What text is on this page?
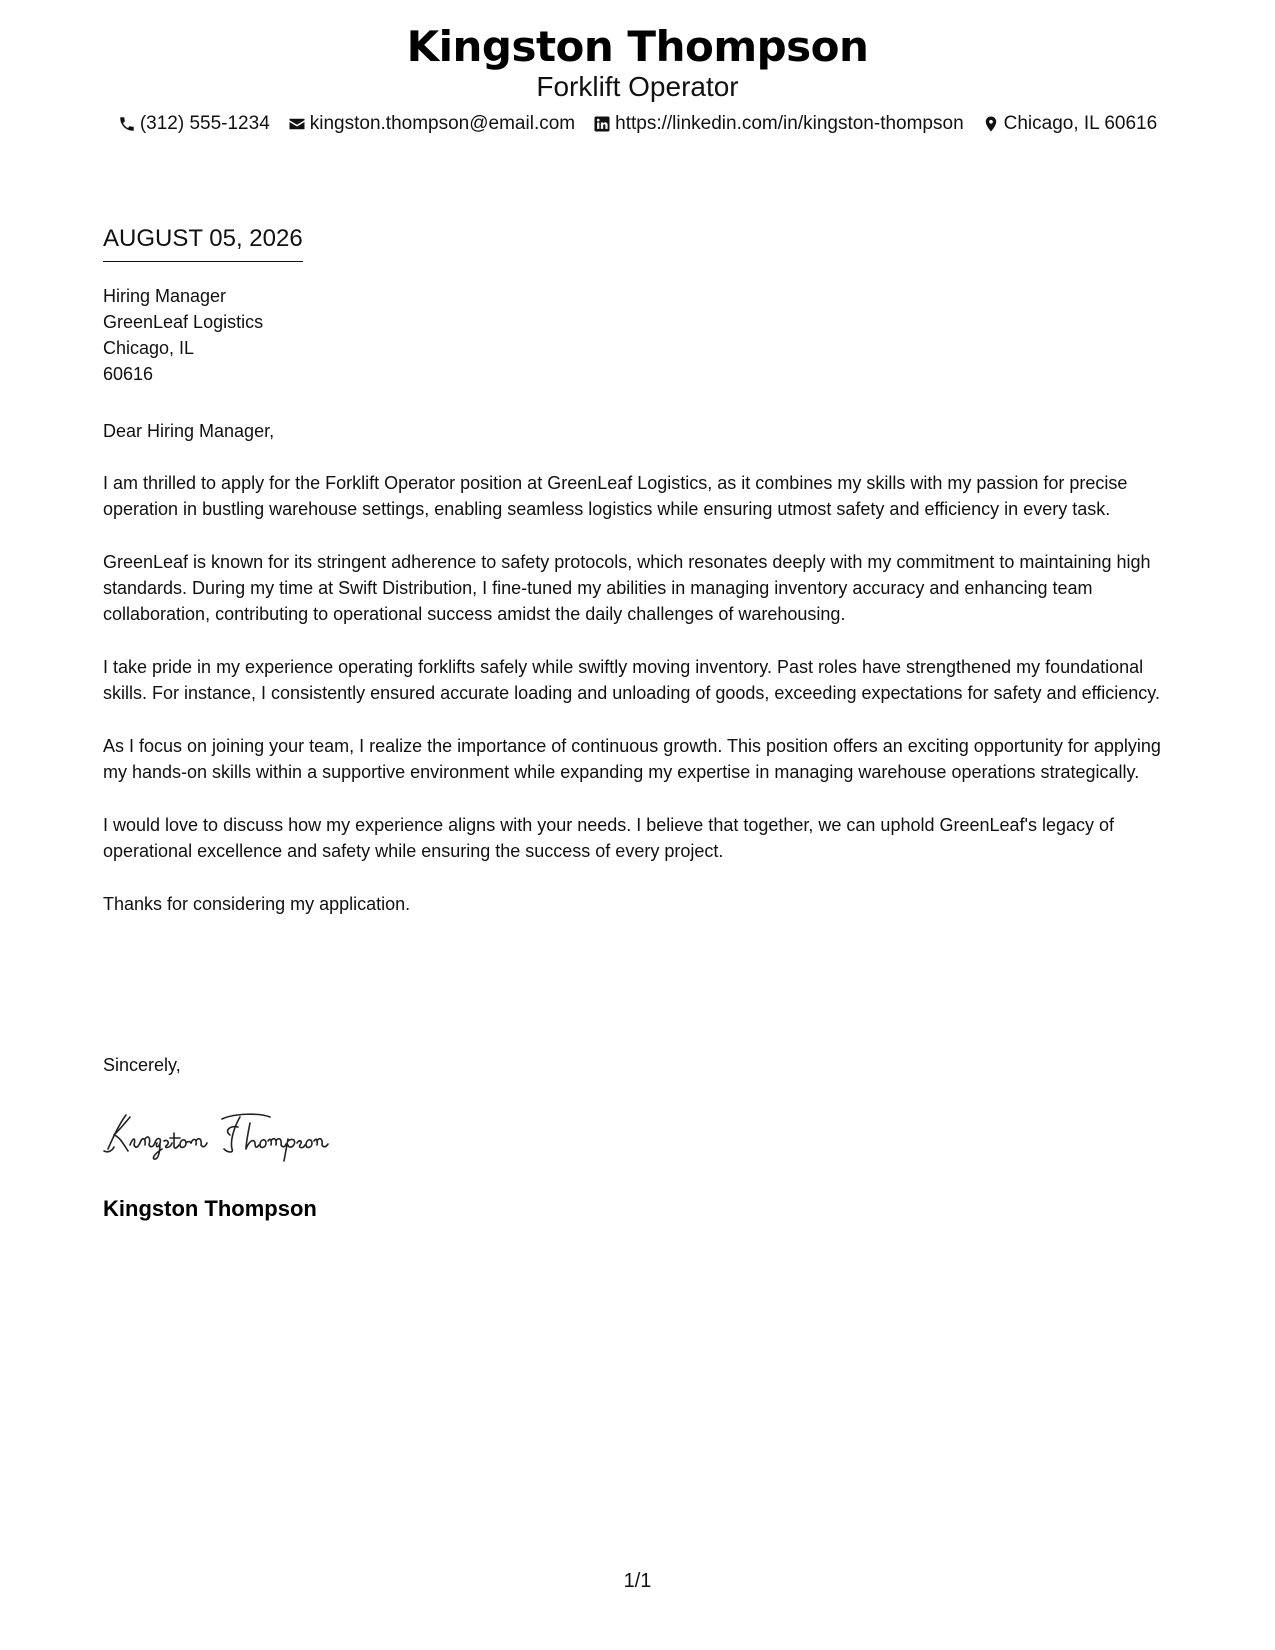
Kingston Thompson
Forklift Operator
(312) 555-1234 kingston.thompson@email.com https://linkedin.com/in/kingston-thompson Chicago, IL 60616
AUGUST 05, 2026
Hiring Manager
GreenLeaf Logistics
Chicago, IL
60616
Dear Hiring Manager,

I am thrilled to apply for the Forklift Operator position at GreenLeaf Logistics, as it combines my skills with my passion for precise operation in bustling warehouse settings, enabling seamless logistics while ensuring utmost safety and efficiency in every task.

GreenLeaf is known for its stringent adherence to safety protocols, which resonates deeply with my commitment to maintaining high standards. During my time at Swift Distribution, I fine-tuned my abilities in managing inventory accuracy and enhancing team collaboration, contributing to operational success amidst the daily challenges of warehousing.

I take pride in my experience operating forklifts safely while swiftly moving inventory. Past roles have strengthened my foundational skills. For instance, I consistently ensured accurate loading and unloading of goods, exceeding expectations for safety and efficiency.

As I focus on joining your team, I realize the importance of continuous growth. This position offers an exciting opportunity for applying my hands-on skills within a supportive environment while expanding my expertise in managing warehouse operations strategically.

I would love to discuss how my experience aligns with your needs. I believe that together, we can uphold GreenLeaf's legacy of operational excellence and safety while ensuring the success of every project.

Thanks for considering my application.

Sincerely,
Kingston Thompson
1/1
